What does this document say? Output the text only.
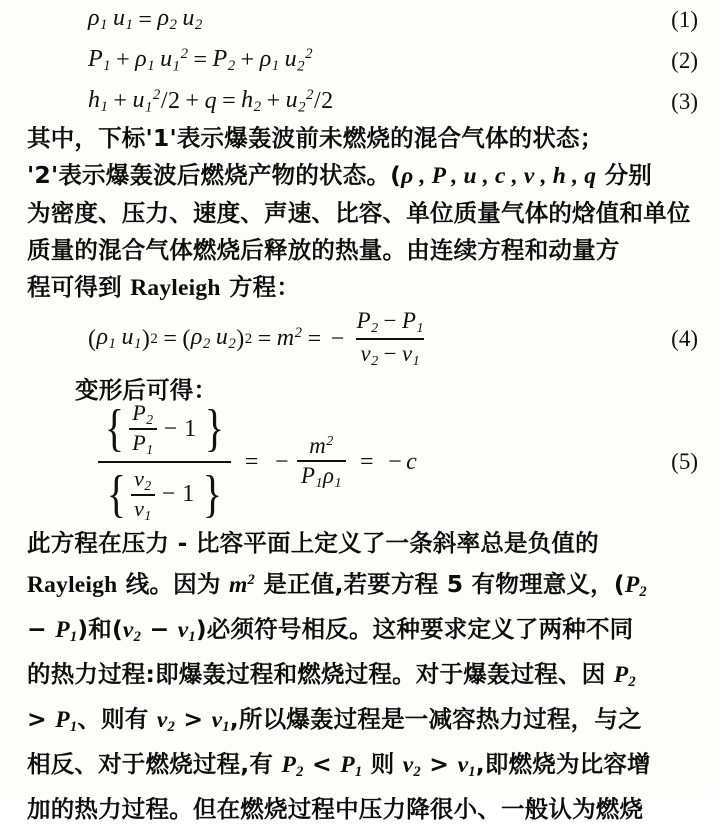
$\rho_1$ $u_1 = \rho_2$ $u_2$	(1)
$P_1 + \rho_1$ $u_1^2 = P_2 + \rho_1$ $u_2^2$	(2)
$h_1 + u_1^2$ $/2 + q = h_2 + u_2^2$ /2	(3)
其中，下标'1'表示爆轰波前未燃烧的混合气体的状态；
'2'表示爆轰波后燃烧产物的状态。(ρ , P , u , c , v , h , q 分别
为密度、压力、速度、声速、比容、单位质量气体的焓值和单位
质量的混合气体燃烧后释放的热量。由连续方程和动量方
程可得到 Rayleigh 方程：
( $\rho_1$ $u_1$ ) 2 = ( $\rho_2$ $u_2$ ) $2 = m^2$ = − $\frac{P_2 - P_1}{v_2 - v_1}$	(4)
变形后可得：
{ $\frac{P_2}{P_1} - 1$ }
{ $\frac{v_2}{v_1} - 1$ }
= − $\frac{m^2}{P_1\rho_1}$ = − c	(5)
此方程在压力 - 比容平面上定义了一条斜率总是负值的
Rayleigh 线。因为 $m^2$ 是正值,若要方程 5 有物理意义，($P_2$
− $P_1$)和$(v_2 - v_1)$必须符号相反。这种要求定义了两种不同
的热力过程:即爆轰过程和燃烧过程。对于爆轰过程、因 $P_2$
> $P_1$、则有 $v_2 > v_1$,所以爆轰过程是一减容热力过程，与之
相反、对于燃烧过程,有 $P_2 < P_1$ 则 $v_2 > v_1$,即燃烧为比容增
加的热力过程。但在燃烧过程中压力降很小、一般认为燃烧
